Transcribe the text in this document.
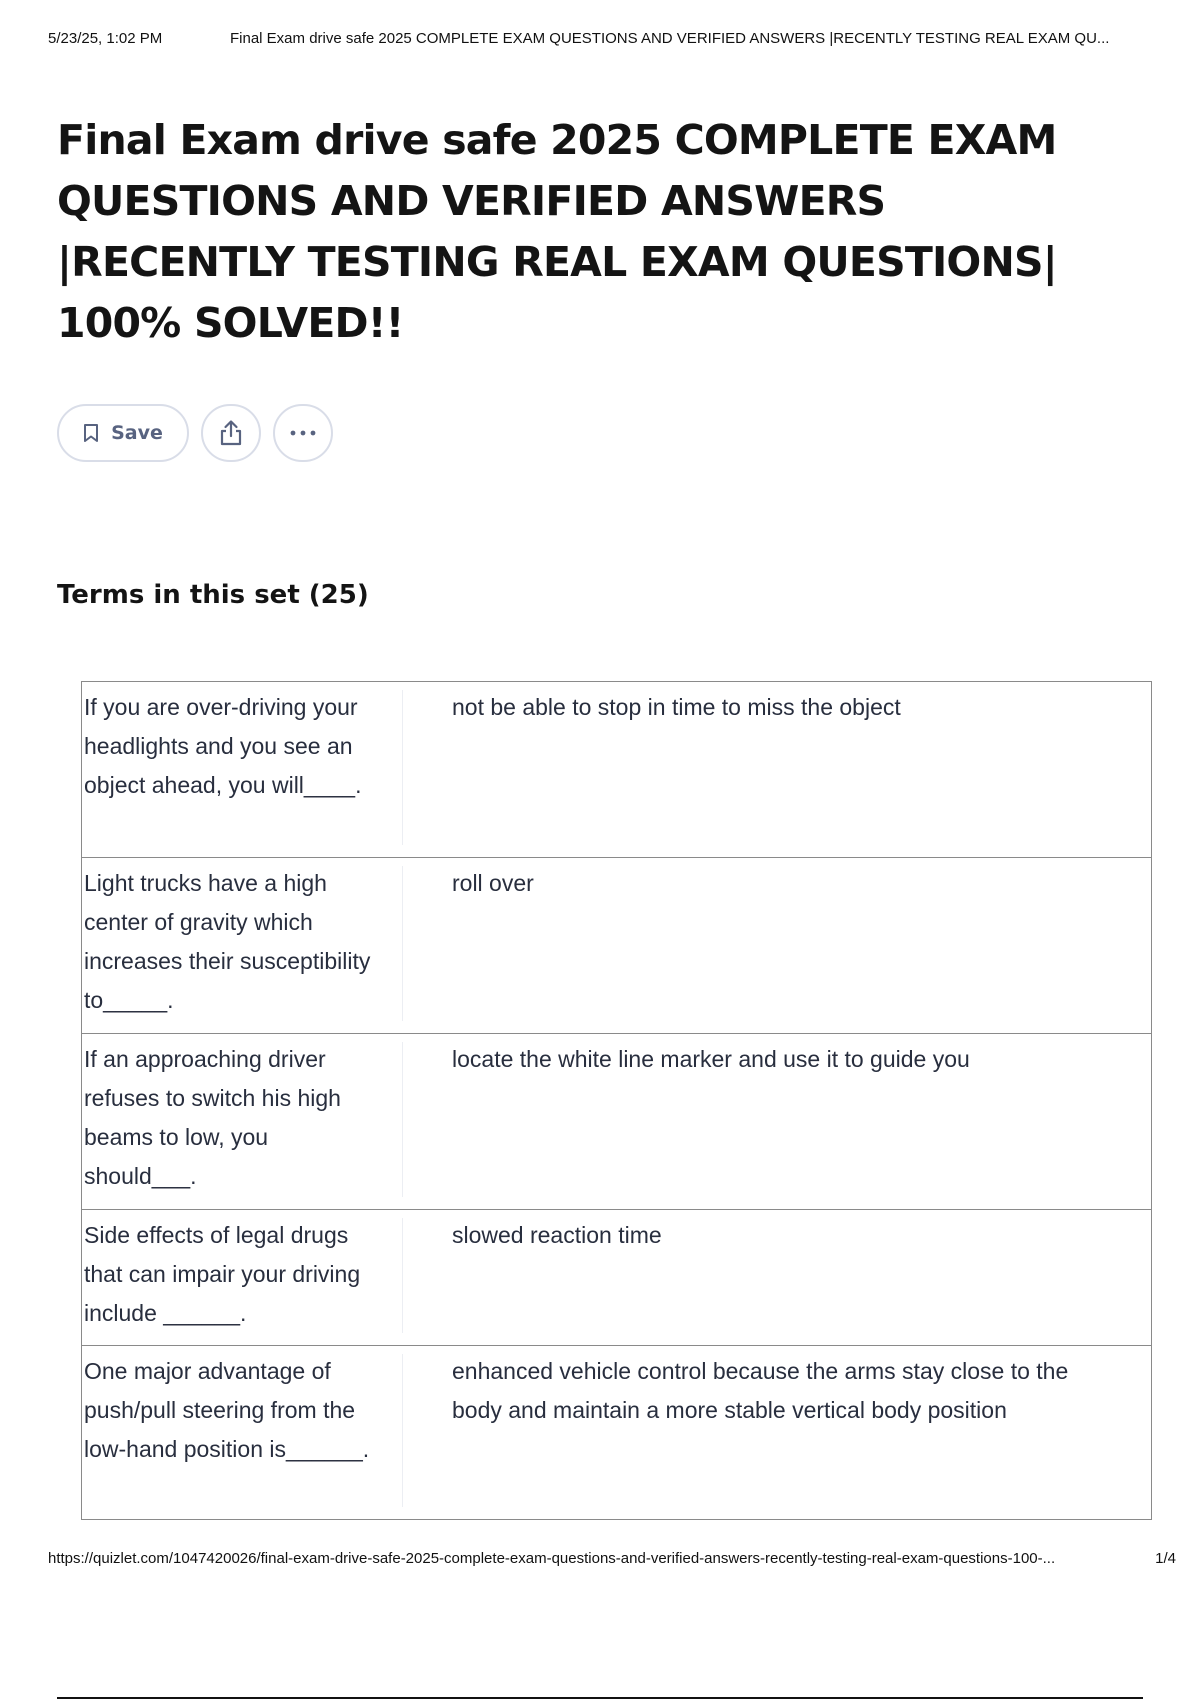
5/23/25, 1:02 PM	Final Exam drive safe 2025 COMPLETE EXAM QUESTIONS AND VERIFIED ANSWERS |RECENTLY TESTING REAL EXAM QU...
Final Exam drive safe 2025 COMPLETE EXAM QUESTIONS AND VERIFIED ANSWERS |RECENTLY TESTING REAL EXAM QUESTIONS| 100% SOLVED!!
Save
Terms in this set (25)
If you are over-driving your headlights and you see an object ahead, you will____.
not be able to stop in time to miss the object
Light trucks have a high center of gravity which increases their susceptibility to_____.
roll over
If an approaching driver refuses to switch his high beams to low, you should___.
locate the white line marker and use it to guide you
Side effects of legal drugs that can impair your driving include ______.
slowed reaction time
One major advantage of push/pull steering from the low-hand position is______.
enhanced vehicle control because the arms stay close to the body and maintain a more stable vertical body position
https://quizlet.com/1047420026/final-exam-drive-safe-2025-complete-exam-questions-and-verified-answers-recently-testing-real-exam-questions-100-...	1/4
